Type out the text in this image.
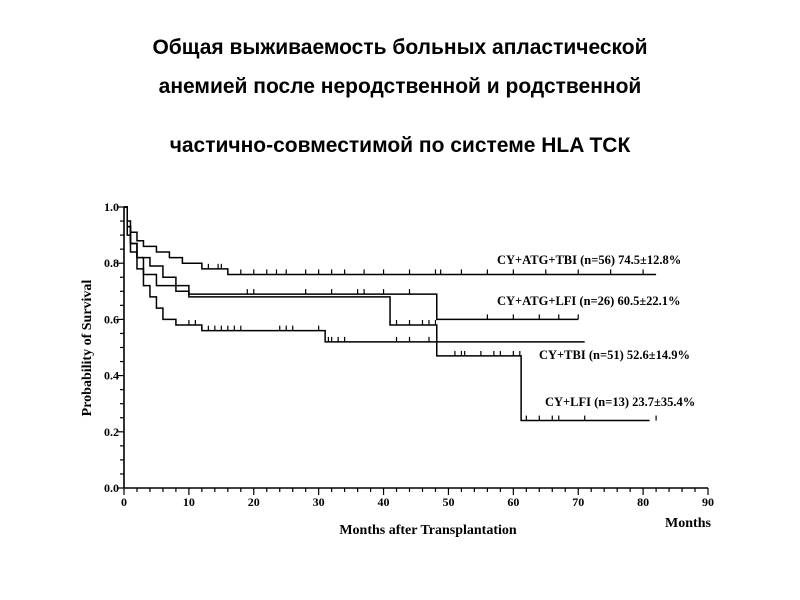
Общая выживаемость больных апластической
анемией после неродственной и родственной
частично-совместимой по системе HLA ТСК
0	10	20	30	40	50	60	70	80	90
0.0
0.2
0.4
0.6
0.8
1.0
CY+ATG+TBI (n=56) 74.5±12.8%
CY+ATG+LFI (n=26) 60.5±22.1%
CY+TBI (n=51) 52.6±14.9%
CY+LFI (n=13) 23.7±35.4%
Months after Transplantation	Months
Probability of Survival
